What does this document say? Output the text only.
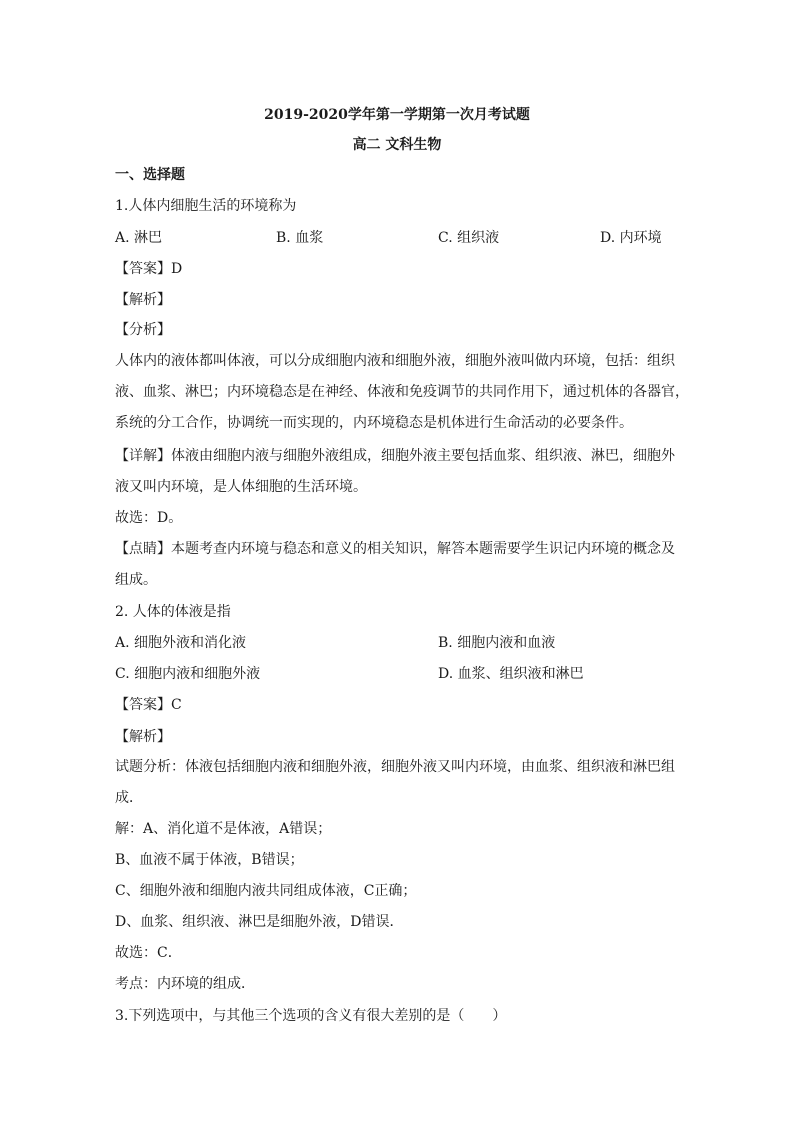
2019-2020学年第一学期第一次月考试题
高二 文科生物
一、选择题
1.人体内细胞生活的环境称为
A. 淋巴	B. 血浆	C. 组织液	D. 内环境
【答案】D
【解析】
【分析】
人体内的液体都叫体液，可以分成细胞内液和细胞外液，细胞外液叫做内环境，包括：组织
液、血浆、淋巴；内环境稳态是在神经、体液和免疫调节的共同作用下，通过机体的各器官，
系统的分工合作，协调统一而实现的，内环境稳态是机体进行生命活动的必要条件。
【详解】体液由细胞内液与细胞外液组成，细胞外液主要包括血浆、组织液、淋巴，细胞外
液又叫内环境，是人体细胞的生活环境。
故选：D。
【点睛】本题考查内环境与稳态和意义的相关知识，解答本题需要学生识记内环境的概念及
组成。
2. 人体的体液是指
A. 细胞外液和消化液	B. 细胞内液和血液
C. 细胞内液和细胞外液	D. 血浆、组织液和淋巴
【答案】C
【解析】
试题分析：体液包括细胞内液和细胞外液，细胞外液又叫内环境，由血浆、组织液和淋巴组
成．
解：A、消化道不是体液，A错误；
B、血液不属于体液，B错误；
C、细胞外液和细胞内液共同组成体液，C正确；
D、血浆、组织液、淋巴是细胞外液，D错误．
故选：C．
考点：内环境的组成．
3.下列选项中，与其他三个选项的含义有很大差别的是（　　）
